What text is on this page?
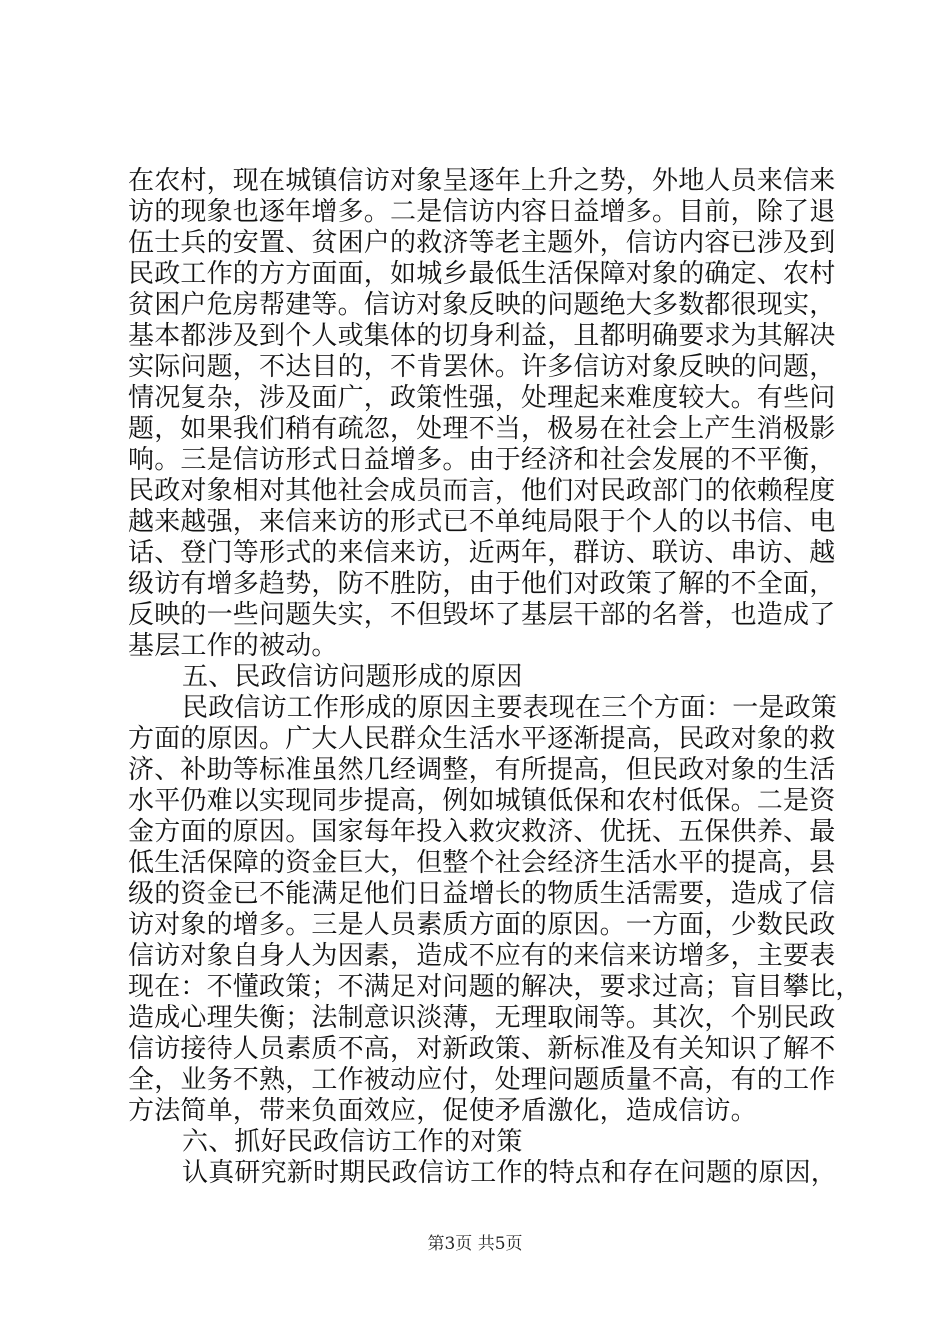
在农村，现在城镇信访对象呈逐年上升之势，外地人员来信来
访的现象也逐年增多。二是信访内容日益增多。目前，除了退
伍士兵的安置、贫困户的救济等老主题外，信访内容已涉及到
民政工作的方方面面，如城乡最低生活保障对象的确定、农村
贫困户危房帮建等。信访对象反映的问题绝大多数都很现实，
基本都涉及到个人或集体的切身利益，且都明确要求为其解决
实际问题，不达目的，不肯罢休。许多信访对象反映的问题，
情况复杂，涉及面广，政策性强，处理起来难度较大。有些问
题，如果我们稍有疏忽，处理不当，极易在社会上产生消极影
响。三是信访形式日益增多。由于经济和社会发展的不平衡，
民政对象相对其他社会成员而言，他们对民政部门的依赖程度
越来越强，来信来访的形式已不单纯局限于个人的以书信、电
话、登门等形式的来信来访，近两年，群访、联访、串访、越
级访有增多趋势，防不胜防，由于他们对政策了解的不全面，
反映的一些问题失实，不但毁坏了基层干部的名誉，也造成了
基层工作的被动。
五、民政信访问题形成的原因
民政信访工作形成的原因主要表现在三个方面：一是政策
方面的原因。广大人民群众生活水平逐渐提高，民政对象的救
济、补助等标准虽然几经调整，有所提高，但民政对象的生活
水平仍难以实现同步提高，例如城镇低保和农村低保。二是资
金方面的原因。国家每年投入救灾救济、优抚、五保供养、最
低生活保障的资金巨大，但整个社会经济生活水平的提高，县
级的资金已不能满足他们日益增长的物质生活需要，造成了信
访对象的增多。三是人员素质方面的原因。一方面，少数民政
信访对象自身人为因素，造成不应有的来信来访增多，主要表
现在：不懂政策；不满足对问题的解决，要求过高；盲目攀比，
造成心理失衡；法制意识淡薄，无理取闹等。其次，个别民政
信访接待人员素质不高，对新政策、新标准及有关知识了解不
全，业务不熟，工作被动应付，处理问题质量不高，有的工作
方法简单，带来负面效应，促使矛盾激化，造成信访。
六、抓好民政信访工作的对策
认真研究新时期民政信访工作的特点和存在问题的原因，
第3页 共5页
